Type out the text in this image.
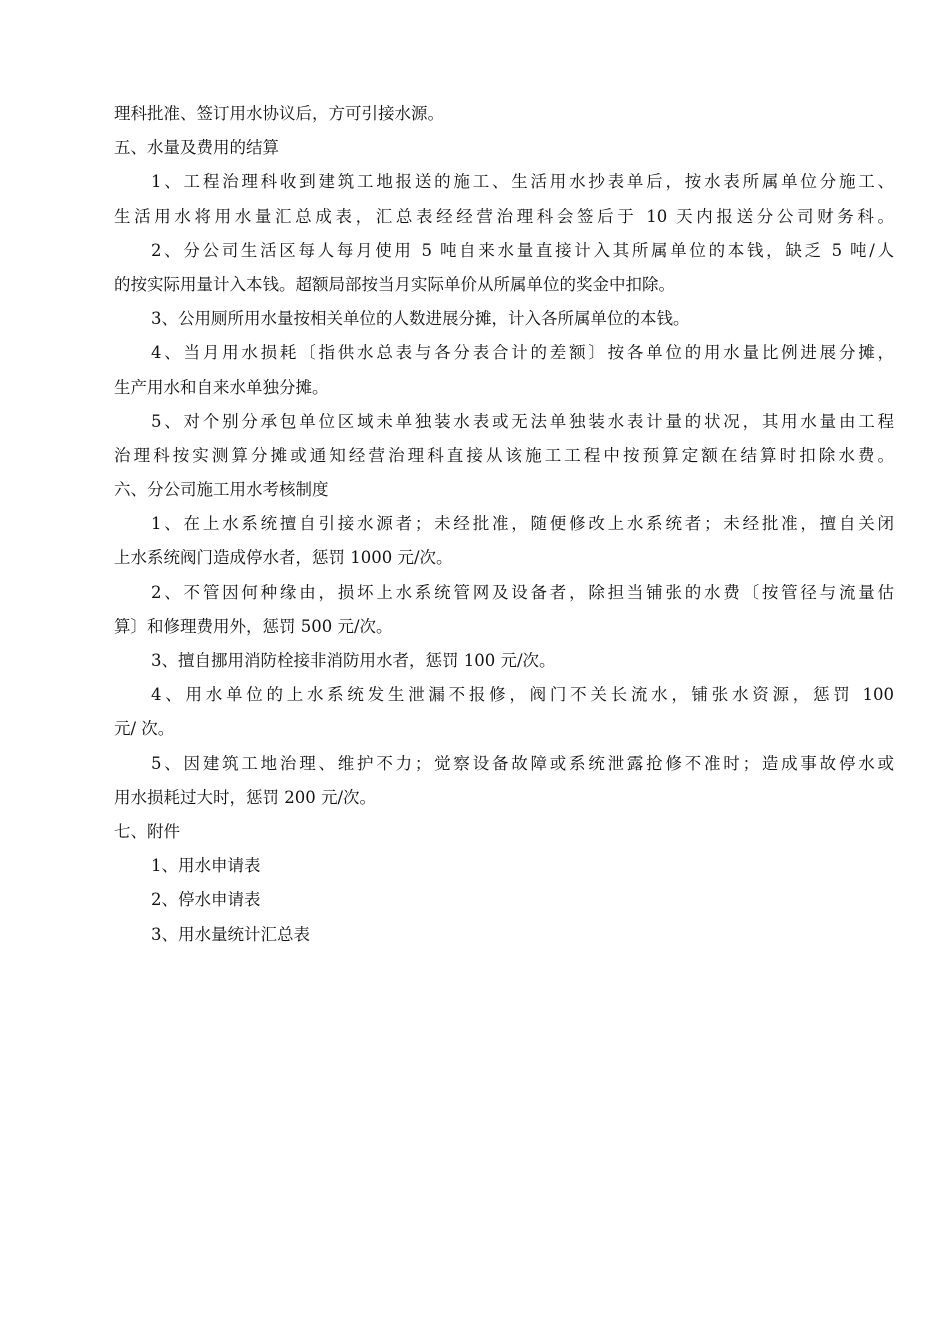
理科批准、签订用水协议后，方可引接水源。
五、水量及费用的结算
1、工程治理科收到建筑工地报送的施工、生活用水抄表单后，按水表所属单位分施工、
生活用水将用水量汇总成表，汇总表经经营治理科会签后于 10 天内报送分公司财务科。
2、分公司生活区每人每月使用 5 吨自来水量直接计入其所属单位的本钱，缺乏 5 吨/人
的按实际用量计入本钱。超额局部按当月实际单价从所属单位的奖金中扣除。
3、公用厕所用水量按相关单位的人数进展分摊，计入各所属单位的本钱。
4、当月用水损耗〔指供水总表与各分表合计的差额〕按各单位的用水量比例进展分摊，
生产用水和自来水单独分摊。
5、对个别分承包单位区域未单独装水表或无法单独装水表计量的状况，其用水量由工程
治理科按实测算分摊或通知经营治理科直接从该施工工程中按预算定额在结算时扣除水费。
六、分公司施工用水考核制度
1、在上水系统擅自引接水源者；未经批准，随便修改上水系统者；未经批准，擅自关闭
上水系统阀门造成停水者，惩罚 1000 元/次。
2、不管因何种缘由，损坏上水系统管网及设备者，除担当铺张的水费〔按管径与流量估
算〕和修理费用外，惩罚 500 元/次。
3、擅自挪用消防栓接非消防用水者，惩罚 100 元/次。
4、用水单位的上水系统发生泄漏不报修，阀门不关长流水，铺张水资源，惩罚 100
元/ 次。
5、因建筑工地治理、维护不力；觉察设备故障或系统泄露抢修不准时；造成事故停水或
用水损耗过大时，惩罚 200 元/次。
七、附件
1、用水申请表
2、停水申请表
3、用水量统计汇总表
